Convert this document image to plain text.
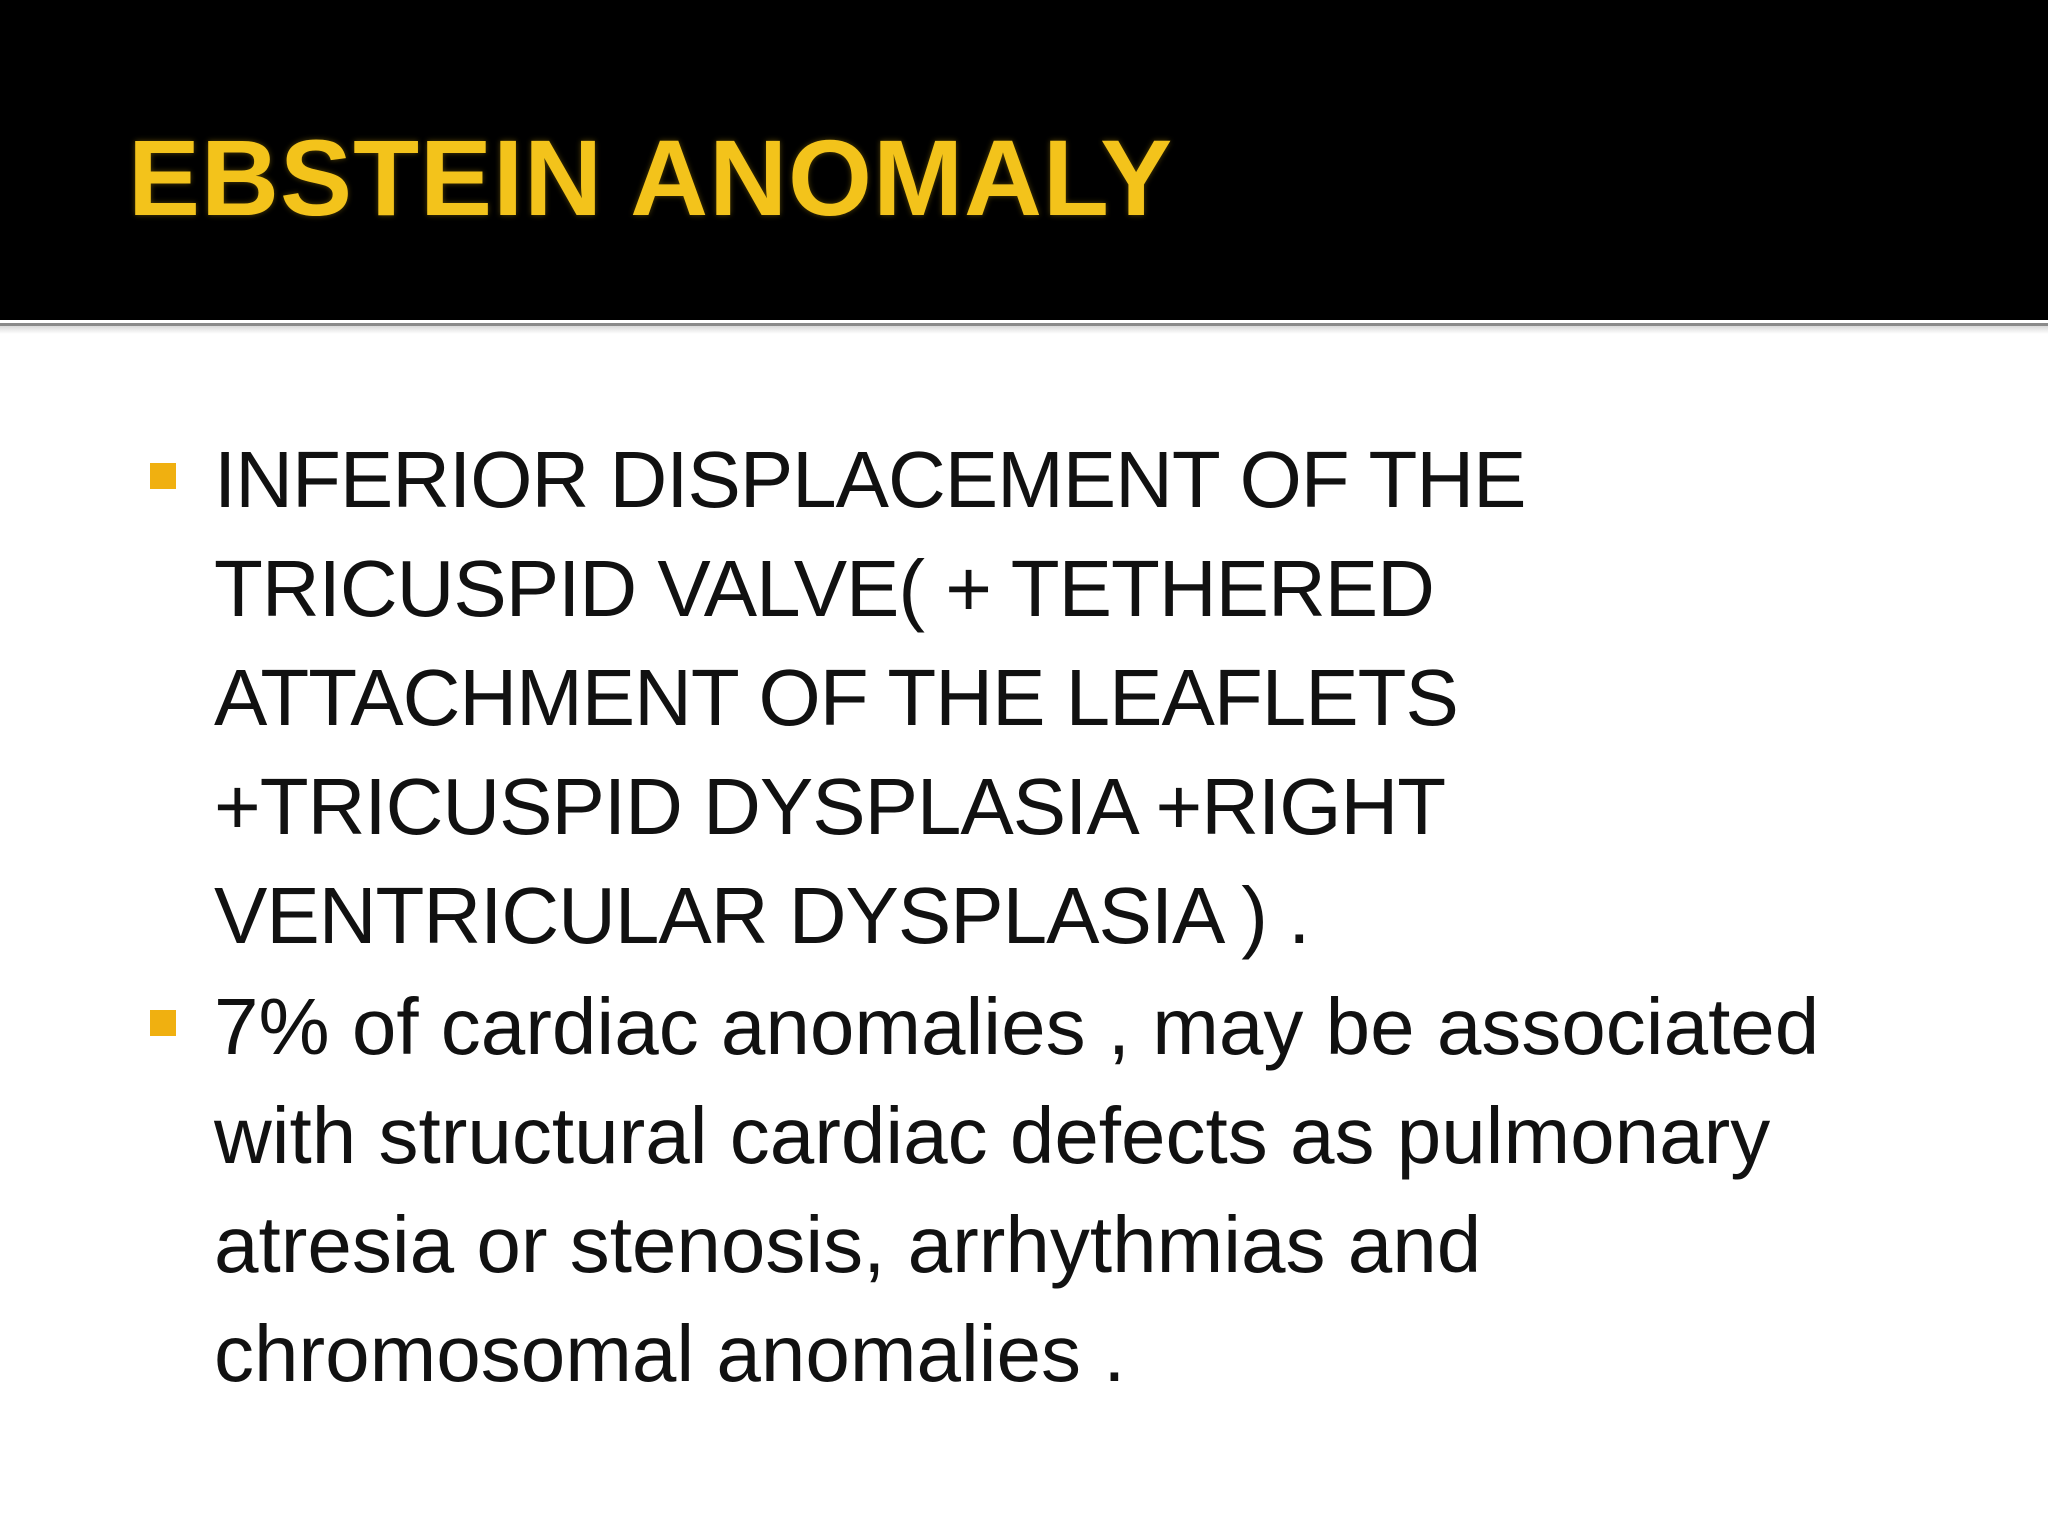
EBSTEIN ANOMALY
INFERIOR DISPLACEMENT OF THE
TRICUSPID VALVE( + TETHERED
ATTACHMENT OF THE LEAFLETS
+TRICUSPID DYSPLASIA +RIGHT
VENTRICULAR DYSPLASIA ) .
7% of cardiac anomalies , may be associated
with structural cardiac defects as pulmonary
atresia or stenosis, arrhythmias and
chromosomal anomalies .
